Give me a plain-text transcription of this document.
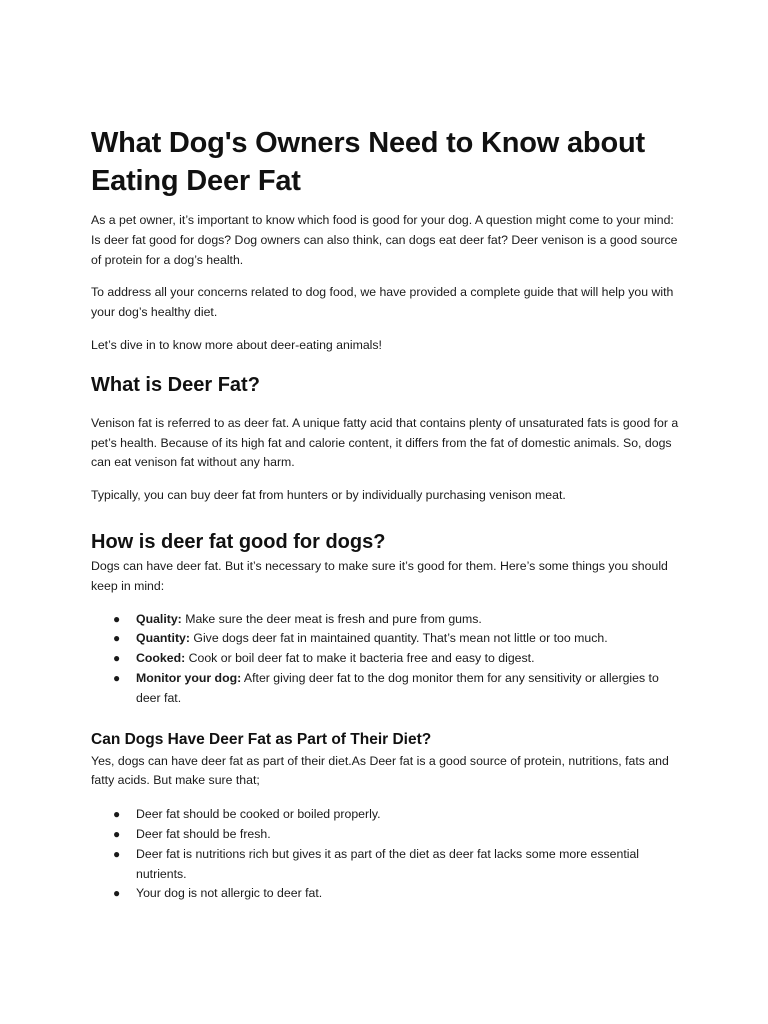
What Dog's Owners Need to Know about Eating Deer Fat

As a pet owner, it’s important to know which food is good for your dog. A question might come to your mind: Is deer fat good for dogs? Dog owners can also think, can dogs eat deer fat? Deer venison is a good source of protein for a dog’s health.

To address all your concerns related to dog food, we have provided a complete guide that will help you with your dog’s healthy diet.

Let’s dive in to know more about deer-eating animals!

What is Deer Fat?

Venison fat is referred to as deer fat. A unique fatty acid that contains plenty of unsaturated fats is good for a pet’s health. Because of its high fat and calorie content, it differs from the fat of domestic animals. So, dogs can eat venison fat without any harm.

Typically, you can buy deer fat from hunters or by individually purchasing venison meat.

How is deer fat good for dogs?

Dogs can have deer fat. But it’s necessary to make sure it’s good for them. Here’s some things you should keep in mind:

● Quality: Make sure the deer meat is fresh and pure from gums.
● Quantity: Give dogs deer fat in maintained quantity. That’s mean not little or too much.
● Cooked: Cook or boil deer fat to make it bacteria free and easy to digest.
● Monitor your dog: After giving deer fat to the dog monitor them for any sensitivity or allergies to deer fat.
Can Dogs Have Deer Fat as Part of Their Diet?

Yes, dogs can have deer fat as part of their diet.As Deer fat is a good source of protein, nutritions, fats and fatty acids. But make sure that;

● Deer fat should be cooked or boiled properly.
● Deer fat should be fresh.
● Deer fat is nutritions rich but gives it as part of the diet as deer fat lacks some more essential nutrients.
● Your dog is not allergic to deer fat.
